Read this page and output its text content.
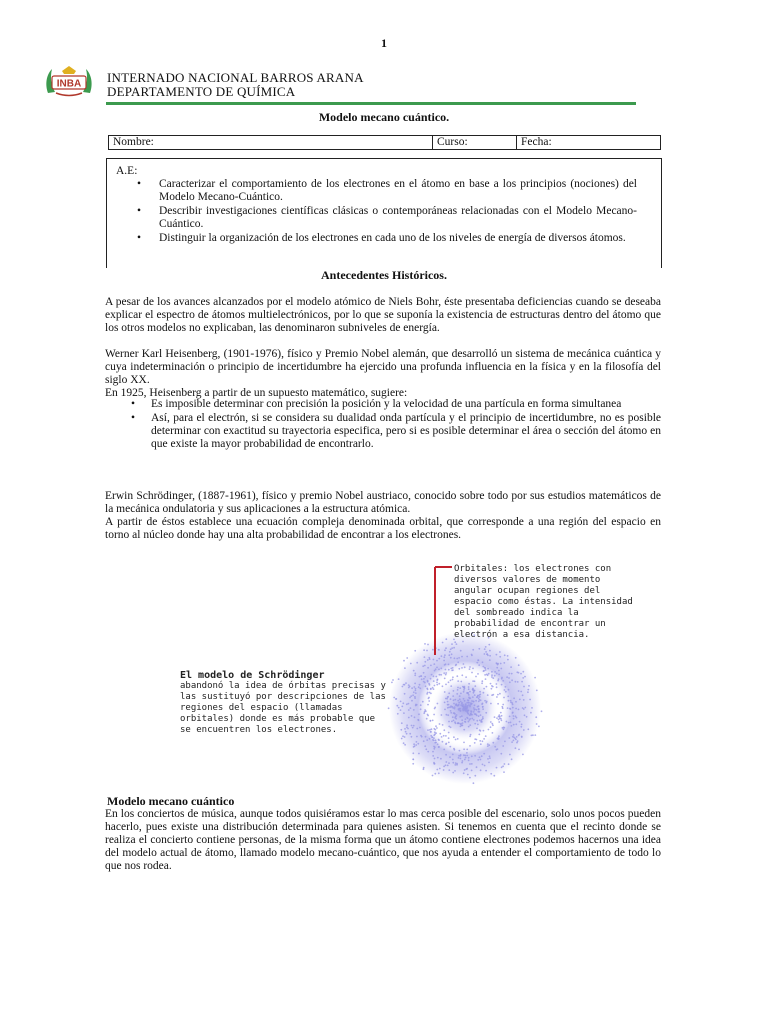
1
INBA INTERNADO NACIONAL BARROS ARANA
DEPARTAMENTO DE QUÍMICA
Modelo mecano cuántico.
Nombre:	Curso:	Fecha:
A.E:
• Caracterizar el comportamiento de los electrones en el átomo en base a los principios (nociones) del Modelo Mecano-Cuántico.
• Describir investigaciones científicas clásicas o contemporáneas relacionadas con el Modelo Mecano-Cuántico.
• Distinguir la organización de los electrones en cada uno de los niveles de energía de diversos átomos.
Antecedentes Históricos.
A pesar de los avances alcanzados por el modelo atómico de Niels Bohr, éste presentaba deficiencias cuando se deseaba explicar el espectro de átomos multielectrónicos, por lo que se suponía la existencia de estructuras dentro del átomo que los otros modelos no explicaban, las denominaron subniveles de energía.
Werner Karl Heisenberg, (1901-1976), físico y Premio Nobel alemán, que desarrolló un sistema de mecánica cuántica y cuya indeterminación o principio de incertidumbre ha ejercido una profunda influencia en la física y en la filosofía del siglo XX.
En 1925, Heisenberg a partir de un supuesto matemático, sugiere:
• Es imposible determinar con precisión la posición y la velocidad de una partícula en forma simultanea
• Así, para el electrón, si se considera su dualidad onda partícula y el principio de incertidumbre, no es posible determinar con exactitud su trayectoria especifica, pero si es posible determinar el área o sección del átomo en que existe la mayor probabilidad de encontrarlo.
Erwin Schrödinger, (1887-1961), físico y premio Nobel austriaco, conocido sobre todo por sus estudios matemáticos de la mecánica ondulatoria y sus aplicaciones a la estructura atómica.
A partir de éstos establece una ecuación compleja denominada orbital, que corresponde a una región del espacio en torno al núcleo donde hay una alta probabilidad de encontrar a los electrones.
Orbitales: los electrones con diversos valores de momento angular ocupan regiones del espacio como éstas. La intensidad del sombreado indica la probabilidad de encontrar un electrón a esa distancia.
El modelo de Schrödinger
abandonó la idea de órbitas precisas y las sustituyó por descripciones de las regiones del espacio (llamadas orbitales) donde es más probable que se encuentren los electrones.
Modelo mecano cuántico
En los conciertos de música, aunque todos quisiéramos estar lo mas cerca posible del escenario, solo unos pocos pueden hacerlo, pues existe una distribución determinada para quienes asisten. Si tenemos en cuenta que el recinto donde se realiza el concierto contiene personas, de la misma forma que un átomo contiene electrones podemos hacernos una idea del modelo actual de átomo, llamado modelo mecano-cuántico, que nos ayuda a entender el comportamiento de todo lo que nos rodea.
